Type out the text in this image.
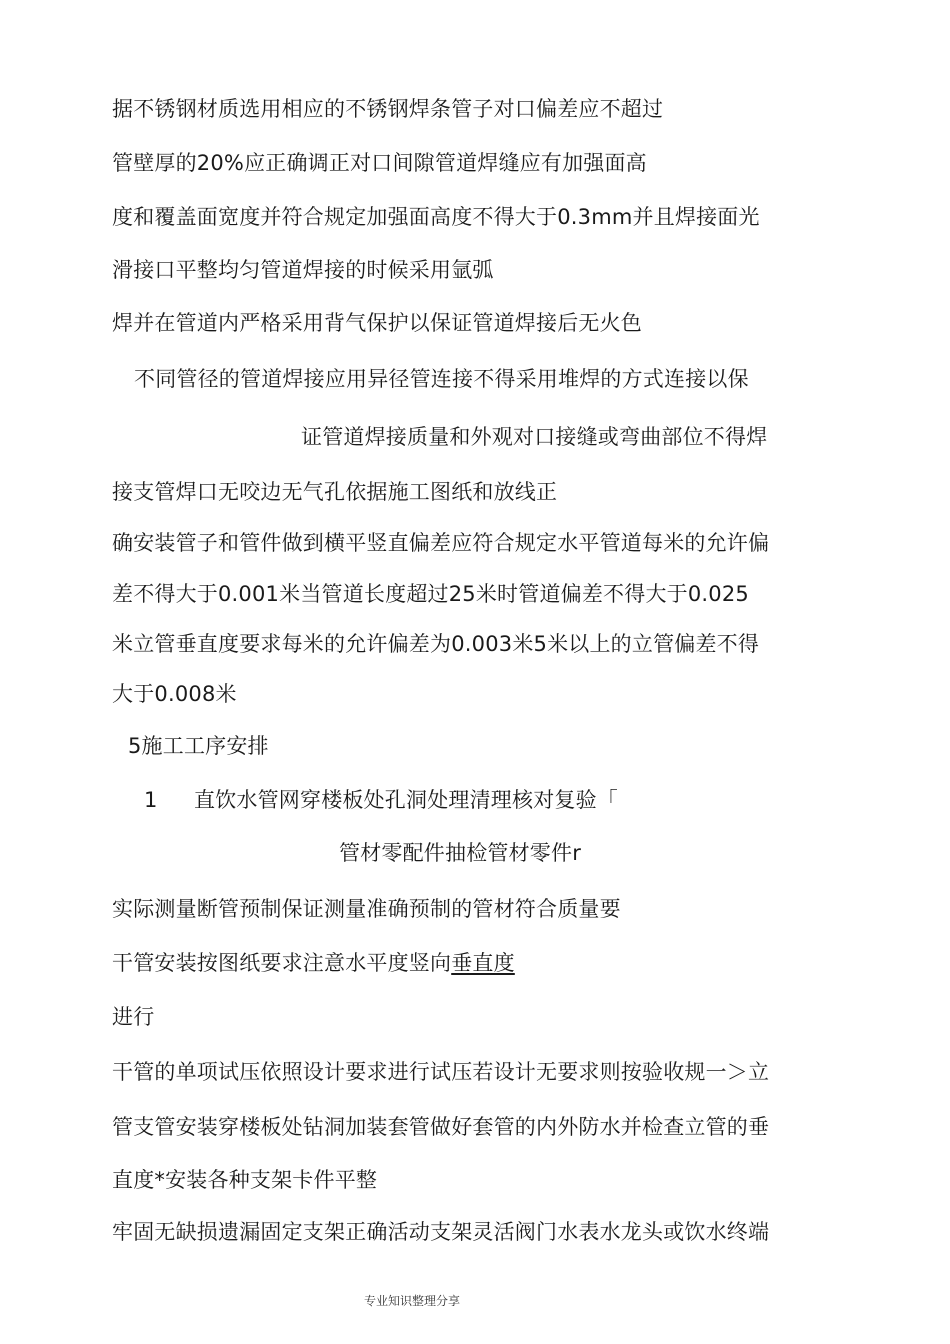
据不锈钢材质选用相应的不锈钢焊条管子对口偏差应不超过
管壁厚的20%应正确调正对口间隙管道焊缝应有加强面高
度和覆盖面宽度并符合规定加强面高度不得大于0.3mm并且焊接面光
滑接口平整均匀管道焊接的时候采用氩弧
焊并在管道内严格采用背气保护以保证管道焊接后无火色
不同管径的管道焊接应用异径管连接不得采用堆焊的方式连接以保
证管道焊接质量和外观对口接缝或弯曲部位不得焊
接支管焊口无咬边无气孔依据施工图纸和放线正
确安装管子和管件做到横平竖直偏差应符合规定水平管道每米的允许偏
差不得大于0.001米当管道长度超过25米时管道偏差不得大于0.025
米立管垂直度要求每米的允许偏差为0.003米5米以上的立管偏差不得
大于0.008米
5施工工序安排
1 直饮水管网穿楼板处孔洞处理清理核对复验「
管材零配件抽检管材零件r
实际测量断管预制保证测量准确预制的管材符合质量要
干管安装按图纸要求注意水平度竖向垂直度
进行
干管的单项试压依照设计要求进行试压若设计无要求则按验收规一＞立
管支管安装穿楼板处钻洞加装套管做好套管的内外防水并检查立管的垂
直度*安装各种支架卡件平整
牢固无缺损遗漏固定支架正确活动支架灵活阀门水表水龙头或饮水终端
专业知识整理分享
